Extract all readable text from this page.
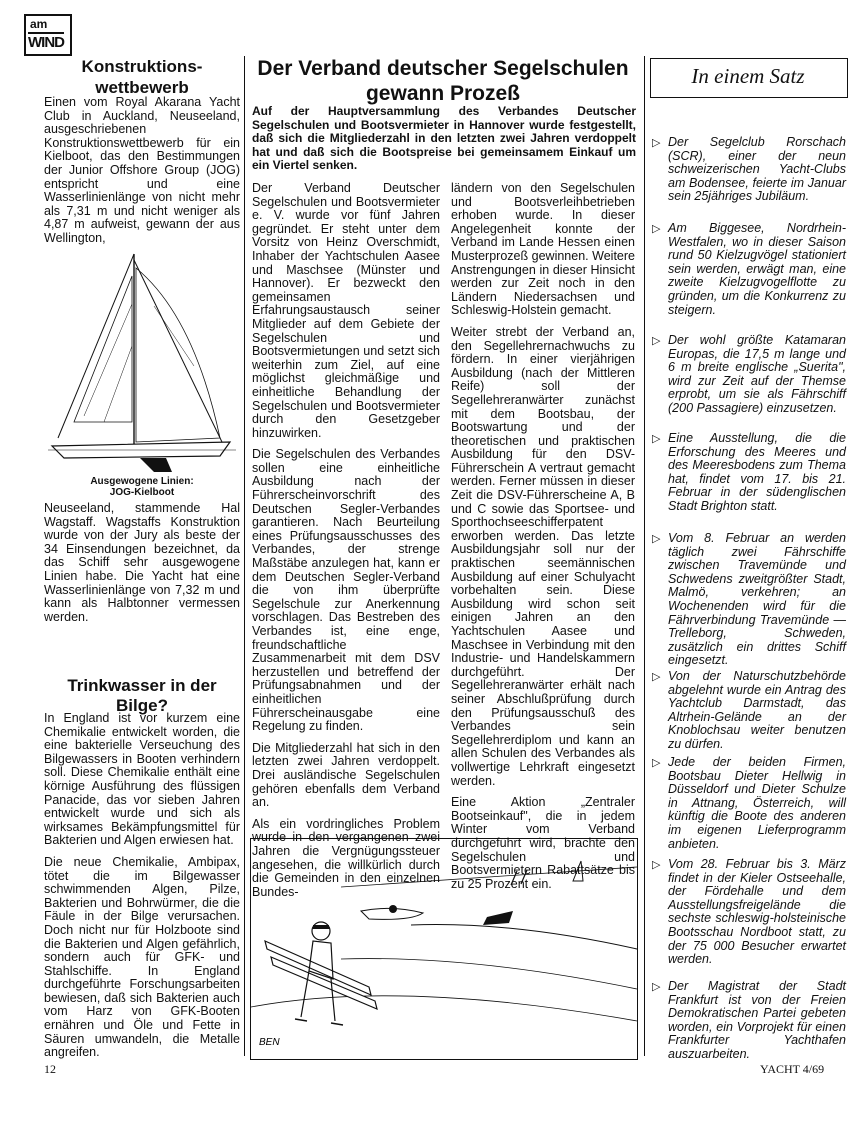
am
WIND
Konstruktions-wettbewerb

Einen vom Royal Akarana Yacht Club in Auckland, Neuseeland, ausgeschriebenen Konstruktionswettbewerb für ein Kielboot, das den Bestimmungen der Junior Offshore Group (JOG) entspricht und eine Wasserlinienlänge von nicht mehr als 7,31 m und nicht weniger als 4,87 m aufweist, gewann der aus Wellington,

Ausgewogene Linien:
JOG-Kielboot

Neuseeland, stammende Hal Wagstaff. Wagstaffs Konstruktion wurde von der Jury als beste der 34 Einsendungen bezeichnet, da das Schiff sehr ausgewogene Linien habe. Die Yacht hat eine Wasserlinienlänge von 7,32 m und kann als Halbtonner vermessen werden.

Trinkwasser in der Bilge?

In England ist vor kurzem eine Chemikalie entwickelt worden, die eine bakterielle Verseuchung des Bilgewassers in Booten verhindern soll. Diese Chemikalie enthält eine körnige Ausführung des flüssigen Panacide, das vor sieben Jahren entwickelt wurde und sich als wirksames Bekämpfungsmittel für Bakterien und Algen erwiesen hat.

Die neue Chemikalie, Ambipax, tötet die im Bilgewasser schwimmenden Algen, Pilze, Bakterien und Bohrwürmer, die die Fäule in der Bilge verursachen. Doch nicht nur für Holzboote sind die Bakterien und Algen gefährlich, sondern auch für GFK- und Stahlschiffe. In England durchgeführte Forschungsarbeiten bewiesen, daß sich Bakterien auch vom Harz von GFK-Booten ernähren und Öle und Fette in Säuren umwandeln, die Metalle angreifen.

Der Verband deutscher Segelschulen gewann Prozeß
Auf der Hauptversammlung des Verbandes Deutscher Segelschulen und Bootsvermieter in Hannover wurde festgestellt, daß sich die Mitgliederzahl in den letzten zwei Jahren verdoppelt hat und daß sich die Bootspreise bei gemeinsamem Einkauf um ein Viertel senken.

Der Verband Deutscher Segelschulen und Bootsvermieter e. V. wurde vor fünf Jahren gegründet. Er steht unter dem Vorsitz von Heinz Overschmidt, Inhaber der Yachtschulen Aasee und Maschsee (Münster und Hannover). Er bezweckt den gemeinsamen Erfahrungsaustausch seiner Mitglieder auf dem Gebiete der Segelschulen und Bootsvermietungen und setzt sich weiterhin zum Ziel, auf eine möglichst gleichmäßige und einheitliche Behandlung der Segelschulen und Bootsvermieter durch den Gesetzgeber hinzuwirken.

Die Segelschulen des Verbandes sollen eine einheitliche Ausbildung nach der Führerscheinvorschrift des Deutschen Segler-Verbandes garantieren. Nach Beurteilung eines Prüfungsausschusses des Verbandes, der strenge Maßstäbe anzulegen hat, kann er dem Deutschen Segler-Verband die von ihm überprüfte Segelschule zur Anerkennung vorschlagen. Das Bestreben des Verbandes ist, eine enge, freundschaftliche Zusammenarbeit mit dem DSV herzustellen und betreffend der Prüfungsabnahmen und der einheitlichen Führerscheinausgabe eine Regelung zu finden.

Die Mitgliederzahl hat sich in den letzten zwei Jahren verdoppelt. Drei ausländische Segelschulen gehören ebenfalls dem Verband an.

Als ein vordringliches Problem wurde in den vergangenen zwei Jahren die Vergnügungssteuer angesehen, die willkürlich durch die Gemeinden in den einzelnen Bundes-

ländern von den Segelschulen und Bootsverleihbetrieben erhoben wurde. In dieser Angelegenheit konnte der Verband im Lande Hessen einen Musterprozeß gewinnen. Weitere Anstrengungen in dieser Hinsicht werden zur Zeit noch in den Ländern Niedersachsen und Schleswig-Holstein gemacht.

Weiter strebt der Verband an, den Segellehrernachwuchs zu fördern. In einer vierjährigen Ausbildung (nach der Mittleren Reife) soll der Segellehreranwärter zunächst mit dem Bootsbau, der Bootswartung und der theoretischen und praktischen Ausbildung für den DSV-Führerschein A vertraut gemacht werden. Ferner müssen in dieser Zeit die DSV-Führerscheine A, B und C sowie das Sportsee- und Sporthochseeschifferpatent erworben werden. Das letzte Ausbildungsjahr soll nur der praktischen seemännischen Ausbildung auf einer Schulyacht vorbehalten sein. Diese Ausbildung wird schon seit einigen Jahren an den Yachtschulen Aasee und Maschsee in Verbindung mit den Industrie- und Handelskammern durchgeführt. Der Segellehreranwärter erhält nach seiner Abschlußprüfung durch den Prüfungsausschuß des Verbandes sein Segellehrerdiplom und kann an allen Schulen des Verbandes als vollwertige Lehrkraft eingesetzt werden.

Eine Aktion „Zentraler Bootseinkauf", die in jedem Winter vom Verband durchgeführt wird, brachte den Segelschulen und Bootsvermietern Rabattsätze bis zu 25 Prozent ein.

BEN
In einem Satz
▷ Der Segelclub Rorschach (SCR), einer der neun schweizerischen Yacht-Clubs am Bodensee, feierte im Januar sein 25jähriges Jubiläum.
▷ Am Biggesee, Nordrhein-Westfalen, wo in dieser Saison rund 50 Kielzugvögel stationiert sein werden, erwägt man, eine zweite Kielzugvogelflotte zu gründen, um die Konkurrenz zu steigern.
▷ Der wohl größte Katamaran Europas, die 17,5 m lange und 6 m breite englische „Suerita", wird zur Zeit auf der Themse erprobt, um sie als Fährschiff (200 Passagiere) einzusetzen.
▷ Eine Ausstellung, die die Erforschung des Meeres und des Meeresbodens zum Thema hat, findet vom 17. bis 21. Februar in der südenglischen Stadt Brighton statt.
▷ Vom 8. Februar an werden täglich zwei Fährschiffe zwischen Travemünde und Schwedens zweitgrößter Stadt, Malmö, verkehren; an Wochenenden wird für die Fährverbindung Travemünde — Trelleborg, Schweden, zusätzlich ein drittes Schiff eingesetzt.
▷ Von der Naturschutzbehörde abgelehnt wurde ein Antrag des Yachtclub Darmstadt, das Altrhein-Gelände an der Knoblochsau weiter benutzen zu dürfen.
▷ Jede der beiden Firmen, Bootsbau Dieter Hellwig in Düsseldorf und Dieter Schulze in Attnang, Österreich, will künftig die Boote des anderen im eigenen Lieferprogramm anbieten.
▷ Vom 28. Februar bis 3. März findet in der Kieler Ostseehalle, der Fördehalle und dem Ausstellungsfreigelände die sechste schleswig-holsteinische Bootsschau Nordboot statt, zu der 75 000 Besucher erwartet werden.
▷ Der Magistrat der Stadt Frankfurt ist von der Freien Demokratischen Partei gebeten worden, ein Vorprojekt für einen Frankfurter Yachthafen auszuarbeiten.
12	YACHT 4/69
